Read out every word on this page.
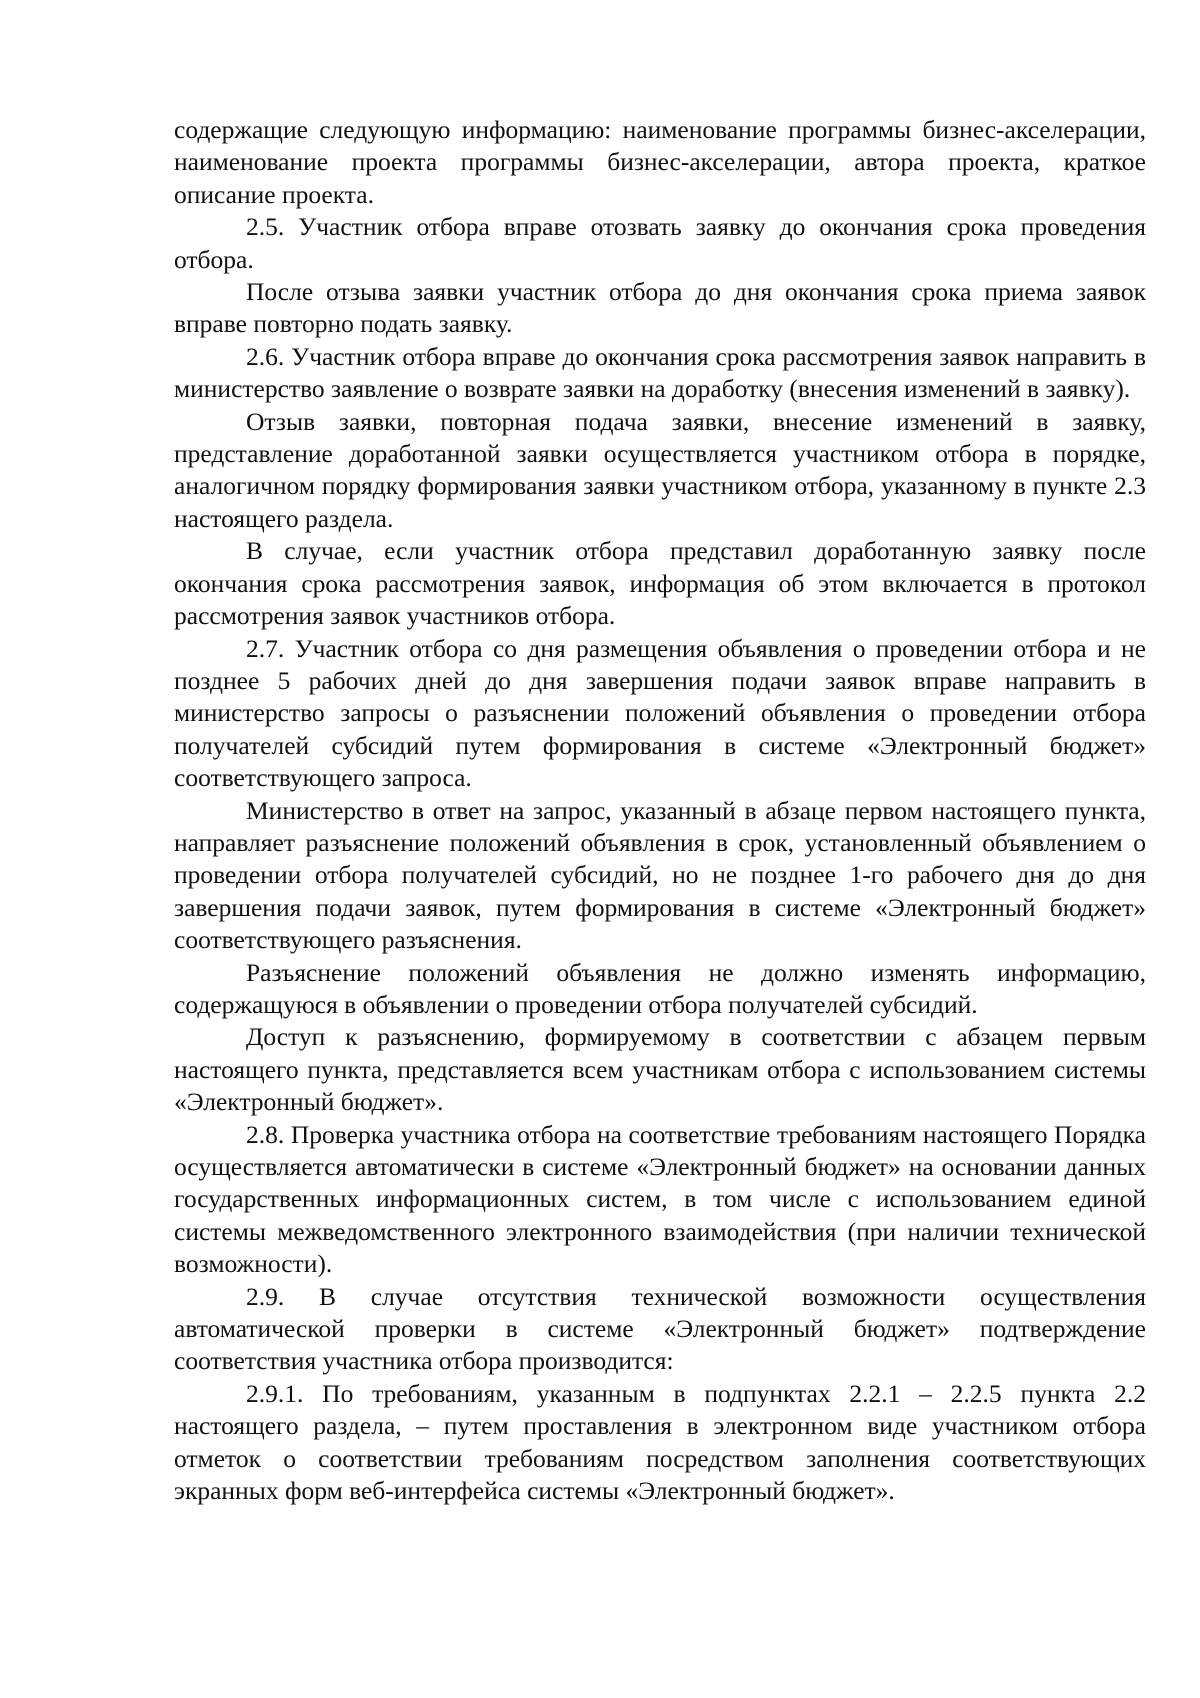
содержащие следующую информацию: наименование программы бизнес-акселерации, наименование проекта программы бизнес-акселерации, автора проекта, краткое описание проекта.

2.5. Участник отбора вправе отозвать заявку до окончания срока проведения отбора.

После отзыва заявки участник отбора до дня окончания срока приема заявок вправе повторно подать заявку.

2.6. Участник отбора вправе до окончания срока рассмотрения заявок направить в министерство заявление о возврате заявки на доработку (внесения изменений в заявку).

Отзыв заявки, повторная подача заявки, внесение изменений в заявку, представление доработанной заявки осуществляется участником отбора в порядке, аналогичном порядку формирования заявки участником отбора, указанному в пункте 2.3 настоящего раздела.

В случае, если участник отбора представил доработанную заявку после окончания срока рассмотрения заявок, информация об этом включается в протокол рассмотрения заявок участников отбора.

2.7. Участник отбора со дня размещения объявления о проведении отбора и не позднее 5 рабочих дней до дня завершения подачи заявок вправе направить в министерство запросы о разъяснении положений объявления о проведении отбора получателей субсидий путем формирования в системе «Электронный бюджет» соответствующего запроса.

Министерство в ответ на запрос, указанный в абзаце первом настоящего пункта, направляет разъяснение положений объявления в срок, установленный объявлением о проведении отбора получателей субсидий, но не позднее 1-го рабочего дня до дня завершения подачи заявок, путем формирования в системе «Электронный бюджет» соответствующего разъяснения.

Разъяснение положений объявления не должно изменять информацию, содержащуюся в объявлении о проведении отбора получателей субсидий.

Доступ к разъяснению, формируемому в соответствии с абзацем первым настоящего пункта, представляется всем участникам отбора с использованием системы «Электронный бюджет».

2.8. Проверка участника отбора на соответствие требованиям настоящего Порядка осуществляется автоматически в системе «Электронный бюджет» на основании данных государственных информационных систем, в том числе с использованием единой системы межведомственного электронного взаимодействия (при наличии технической возможности).

2.9. В случае отсутствия технической возможности осуществления автоматической проверки в системе «Электронный бюджет» подтверждение соответствия участника отбора производится:

2.9.1. По требованиям, указанным в подпунктах 2.2.1 – 2.2.5 пункта 2.2 настоящего раздела, – путем проставления в электронном виде участником отбора отметок о соответствии требованиям посредством заполнения соответствующих экранных форм веб-интерфейса системы «Электронный бюджет».
